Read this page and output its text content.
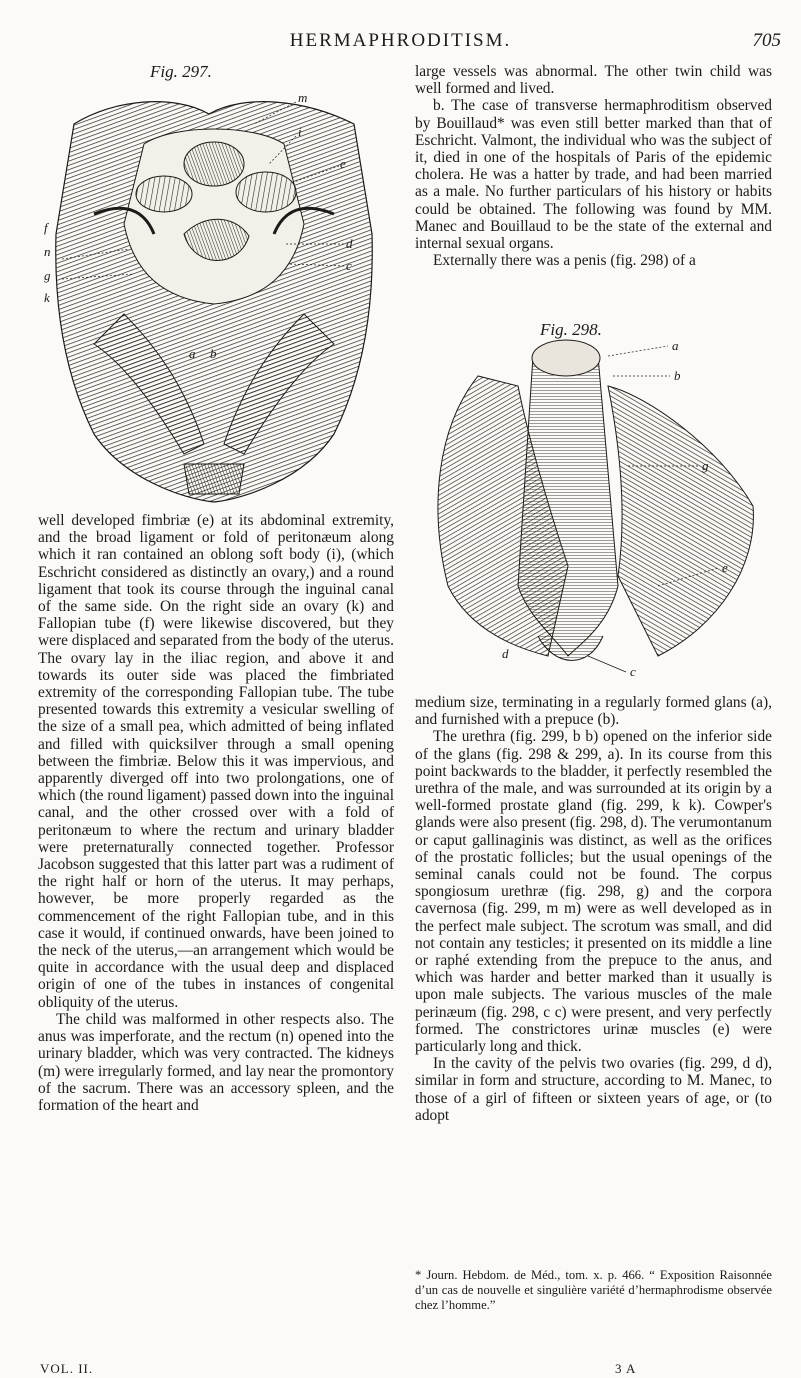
HERMAPHRODITISM.	705
Fig. 297.
m
i
e
f
d
n
g
c
k
a b

well developed fimbriæ (e) at its abdominal extremity, and the broad ligament or fold of peritonæum along which it ran contained an oblong soft body (i), (which Eschricht considered as distinctly an ovary,) and a round ligament that took its course through the inguinal canal of the same side. On the right side an ovary (k) and Fallopian tube (f) were likewise discovered, but they were displaced and separated from the body of the uterus. The ovary lay in the iliac region, and above it and towards its outer side was placed the fimbriated extremity of the corresponding Fallopian tube. The tube presented towards this extremity a vesicular swelling of the size of a small pea, which admitted of being inflated and filled with quicksilver through a small opening between the fimbriæ. Below this it was impervious, and apparently diverged off into two prolongations, one of which (the round ligament) passed down into the inguinal canal, and the other crossed over with a fold of peritonæum to where the rectum and urinary bladder were preternaturally connected together. Professor Jacobson suggested that this latter part was a rudiment of the right half or horn of the uterus. It may perhaps, however, be more properly regarded as the commencement of the right Fallopian tube, and in this case it would, if continued onwards, have been joined to the neck of the uterus,—an arrangement which would be quite in accordance with the usual deep and displaced origin of one of the tubes in instances of congenital obliquity of the uterus.

The child was malformed in other respects also. The anus was imperforate, and the rectum (n) opened into the urinary bladder, which was very contracted. The kidneys (m) were irregularly formed, and lay near the promontory of the sacrum. There was an accessory spleen, and the formation of the heart and

large vessels was abnormal. The other twin child was well formed and lived.

b. The case of transverse hermaphroditism observed by Bouillaud* was even still better marked than that of Eschricht. Valmont, the individual who was the subject of it, died in one of the hospitals of Paris of the epidemic cholera. He was a hatter by trade, and had been married as a male. No further particulars of his history or habits could be obtained. The following was found by MM. Manec and Bouillaud to be the state of the external and internal sexual organs.

Externally there was a penis (fig. 298) of a

Fig. 298.
a
b
g
e
d
c

medium size, terminating in a regularly formed glans (a), and furnished with a prepuce (b).

The urethra (fig. 299, b b) opened on the inferior side of the glans (fig. 298 & 299, a). In its course from this point backwards to the bladder, it perfectly resembled the urethra of the male, and was surrounded at its origin by a well-formed prostate gland (fig. 299, k k). Cowper's glands were also present (fig. 298, d). The verumontanum or caput gallinaginis was distinct, as well as the orifices of the prostatic follicles; but the usual openings of the seminal canals could not be found. The corpus spongiosum urethræ (fig. 298, g) and the corpora cavernosa (fig. 299, m m) were as well developed as in the perfect male subject. The scrotum was small, and did not contain any testicles; it presented on its middle a line or raphé extending from the prepuce to the anus, and which was harder and better marked than it usually is upon male subjects. The various muscles of the male perinæum (fig. 298, c c) were present, and very perfectly formed. The constrictores urinæ muscles (e) were particularly long and thick.

In the cavity of the pelvis two ovaries (fig. 299, d d), similar in form and structure, according to M. Manec, to those of a girl of fifteen or sixteen years of age, or (to adopt

* Journ. Hebdom. de Méd., tom. x. p. 466. “ Exposition Raisonnée d’un cas de nouvelle et singulière variété d’hermaphrodisme observée chez l’homme.”
VOL. II.	3 A
